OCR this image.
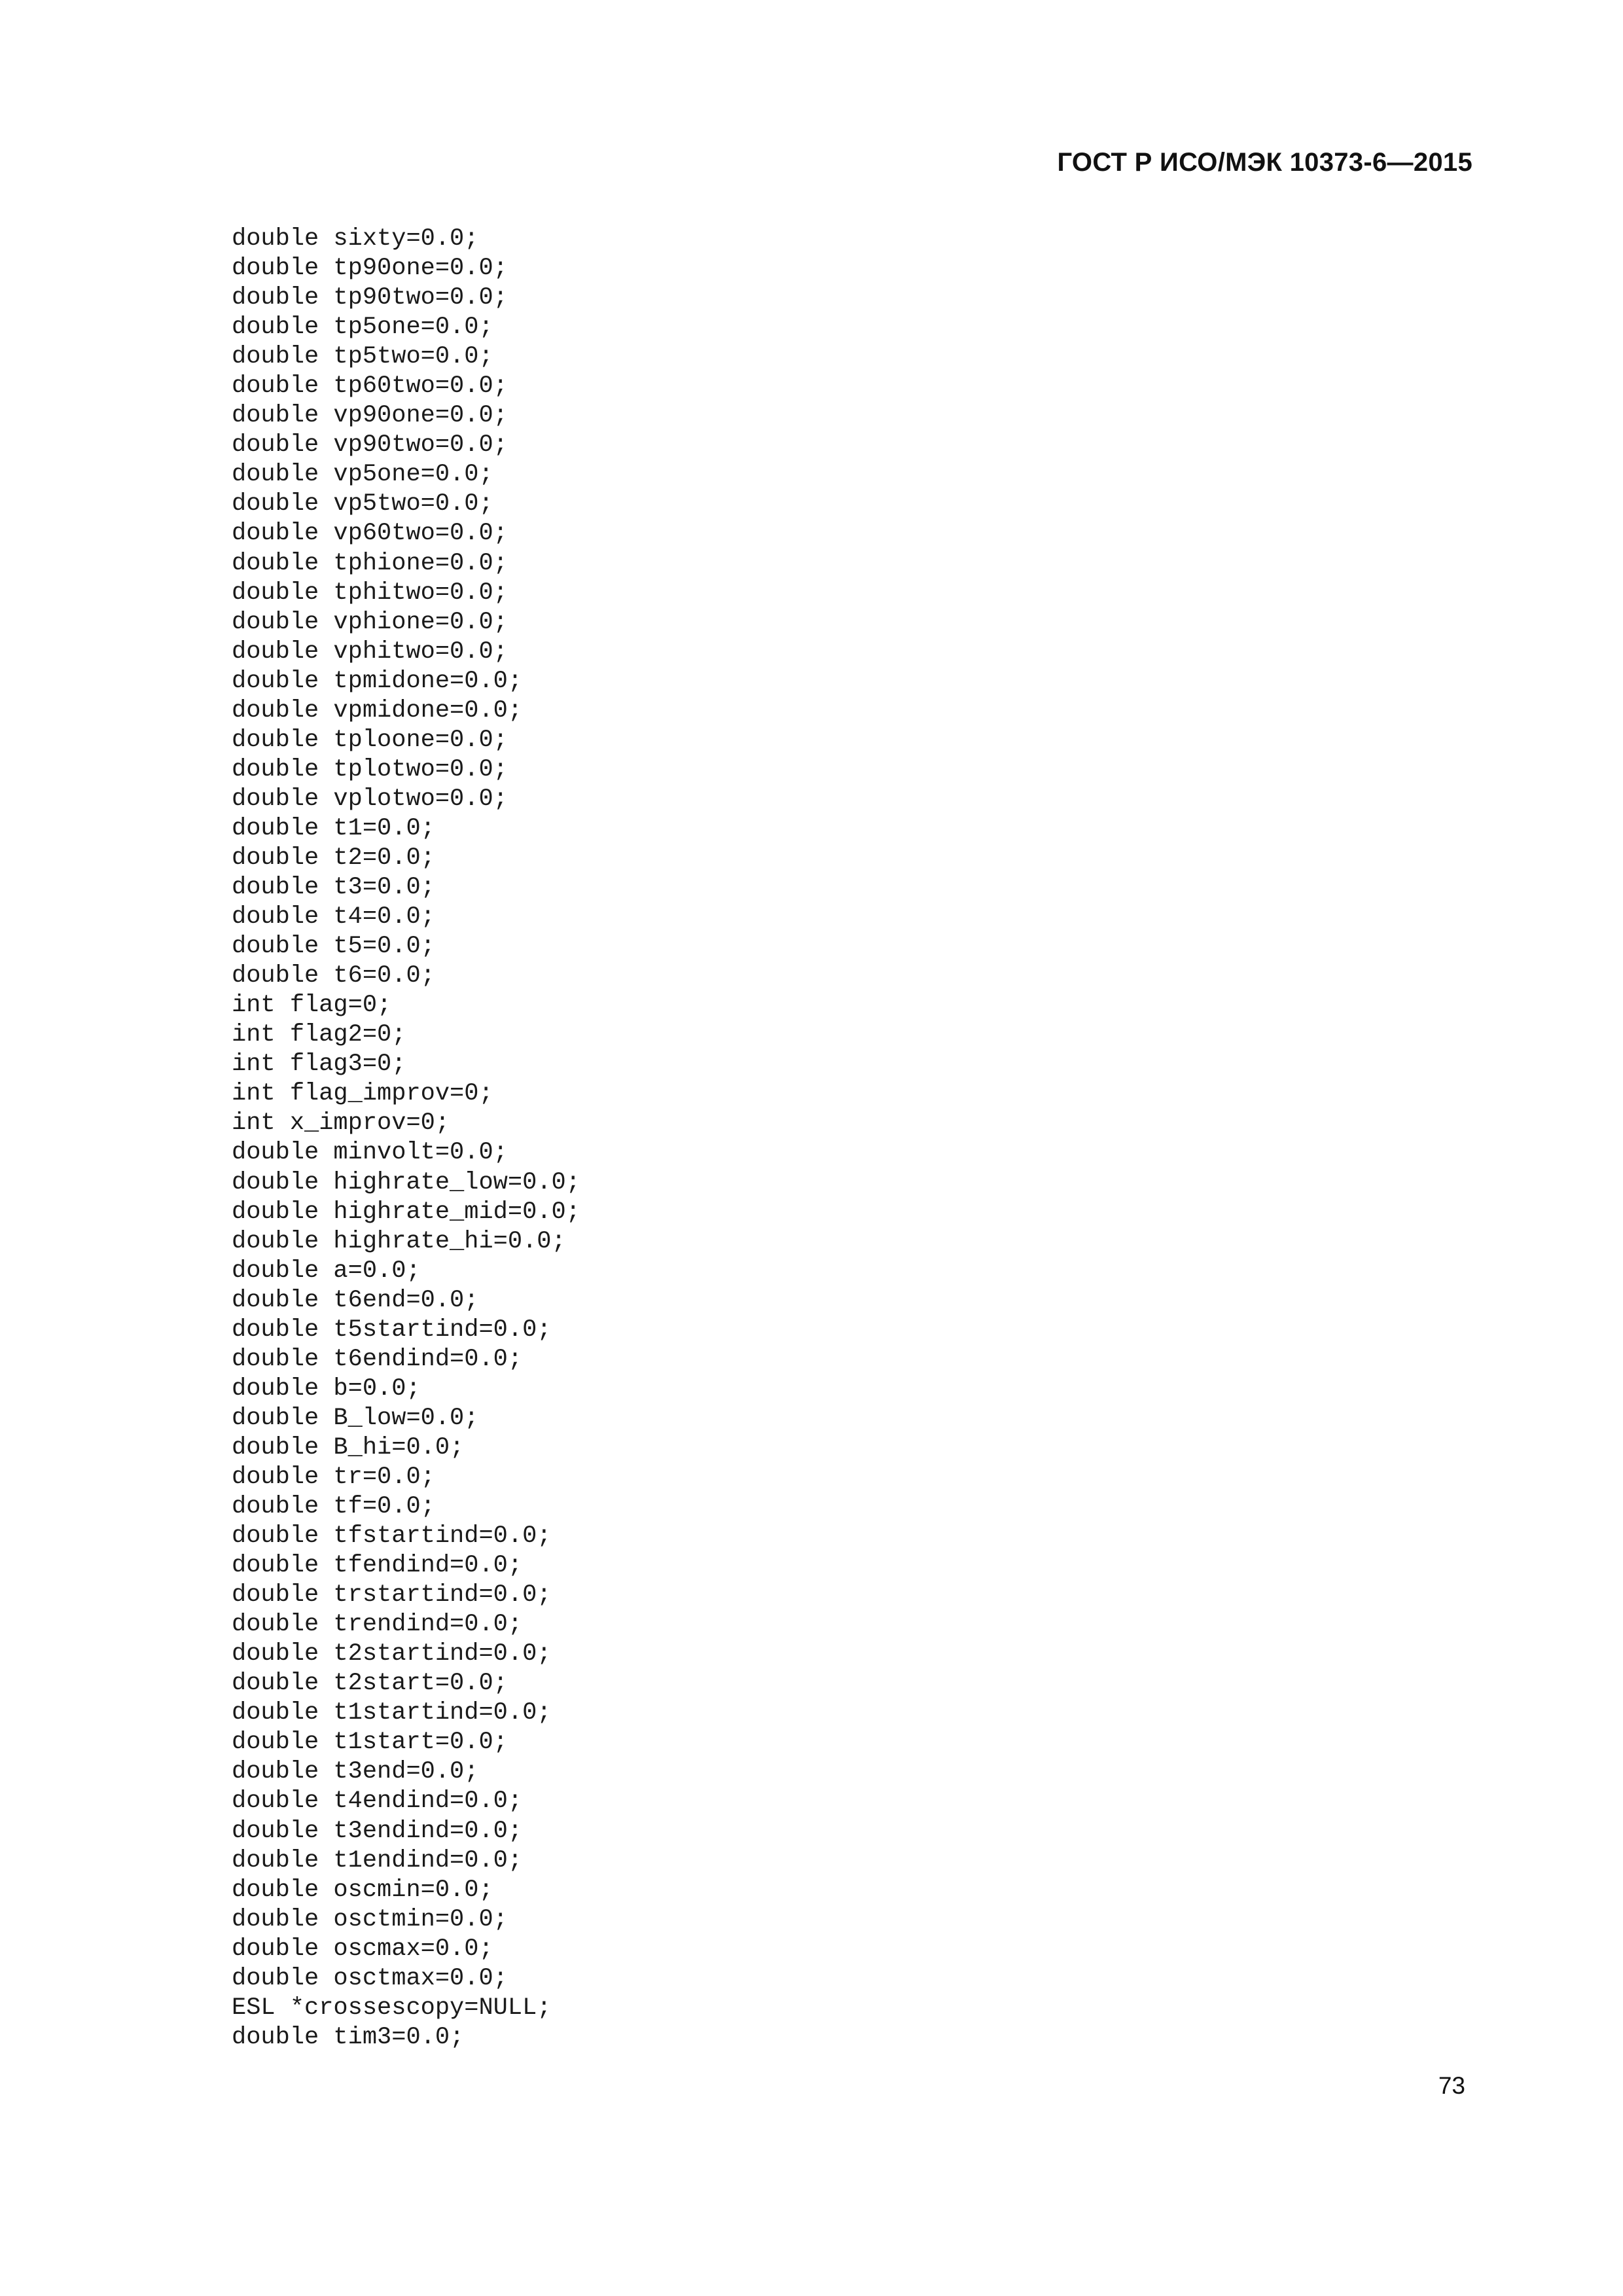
ГОСТ Р ИСО/МЭК 10373-6—2015
double sixty=0.0;
double tp90one=0.0;
double tp90two=0.0;
double tp5one=0.0;
double tp5two=0.0;
double tp60two=0.0;
double vp90one=0.0;
double vp90two=0.0;
double vp5one=0.0;
double vp5two=0.0;
double vp60two=0.0;
double tphione=0.0;
double tphitwo=0.0;
double vphione=0.0;
double vphitwo=0.0;
double tpmidone=0.0;
double vpmidone=0.0;
double tploone=0.0;
double tplotwo=0.0;
double vplotwo=0.0;
double t1=0.0;
double t2=0.0;
double t3=0.0;
double t4=0.0;
double t5=0.0;
double t6=0.0;
int flag=0;
int flag2=0;
int flag3=0;
int flag_improv=0;
int x_improv=0;
double minvolt=0.0;
double highrate_low=0.0;
double highrate_mid=0.0;
double highrate_hi=0.0;
double a=0.0;
double t6end=0.0;
double t5startind=0.0;
double t6endind=0.0;
double b=0.0;
double B_low=0.0;
double B_hi=0.0;
double tr=0.0;
double tf=0.0;
double tfstartind=0.0;
double tfendind=0.0;
double trstartind=0.0;
double trendind=0.0;
double t2startind=0.0;
double t2start=0.0;
double t1startind=0.0;
double t1start=0.0;
double t3end=0.0;
double t4endind=0.0;
double t3endind=0.0;
double t1endind=0.0;
double oscmin=0.0;
double osctmin=0.0;
double oscmax=0.0;
double osctmax=0.0;
ESL *crossescopy=NULL;
double tim3=0.0;
73
